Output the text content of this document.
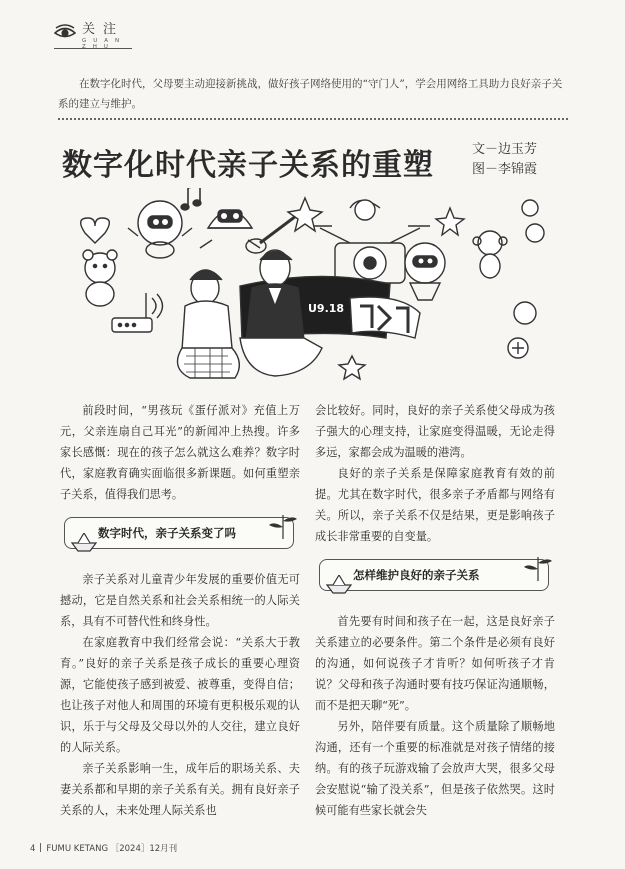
关注
GUAN ZHU

在数字化时代，父母要主动迎接新挑战，做好孩子网络使用的“守门人”，学会用网络工具助力良好亲子关系的建立与维护。

数字化时代亲子关系的重塑	文－边玉芳
图－李锦霞
U9.18

前段时间，“男孩玩《蛋仔派对》充值上万元，父亲连扇自己耳光”的新闻冲上热搜。许多家长感慨：现在的孩子怎么就这么难养？数字时代，家庭教育确实面临很多新课题。如何重塑亲子关系，值得我们思考。

数字时代，亲子关系变了吗

亲子关系对儿童青少年发展的重要价值无可撼动，它是自然关系和社会关系相统一的人际关系，具有不可替代性和终身性。

在家庭教育中我们经常会说：“关系大于教育。”良好的亲子关系是孩子成长的重要心理资源，它能使孩子感到被爱、被尊重，变得自信；也让孩子对他人和周围的环境有更积极乐观的认识，乐于与父母及父母以外的人交往，建立良好的人际关系。

亲子关系影响一生，成年后的职场关系、夫妻关系都和早期的亲子关系有关。拥有良好亲子关系的人，未来处理人际关系也

会比较好。同时，良好的亲子关系使父母成为孩子强大的心理支持，让家庭变得温暖，无论走得多远，家都会成为温暖的港湾。

良好的亲子关系是保障家庭教育有效的前提。尤其在数字时代，很多亲子矛盾都与网络有关。所以，亲子关系不仅是结果，更是影响孩子成长非常重要的自变量。

怎样维护良好的亲子关系

首先要有时间和孩子在一起，这是良好亲子关系建立的必要条件。第二个条件是必须有良好的沟通，如何说孩子才肯听？如何听孩子才肯说？父母和孩子沟通时要有技巧保证沟通顺畅，而不是把天聊“死”。

另外，陪伴要有质量。这个质量除了顺畅地沟通，还有一个重要的标准就是对孩子情绪的接纳。有的孩子玩游戏输了会放声大哭，很多父母会安慰说“输了没关系”，但是孩子依然哭。这时候可能有些家长就会失

4 FUMU KETANG ［2024］12月刊
